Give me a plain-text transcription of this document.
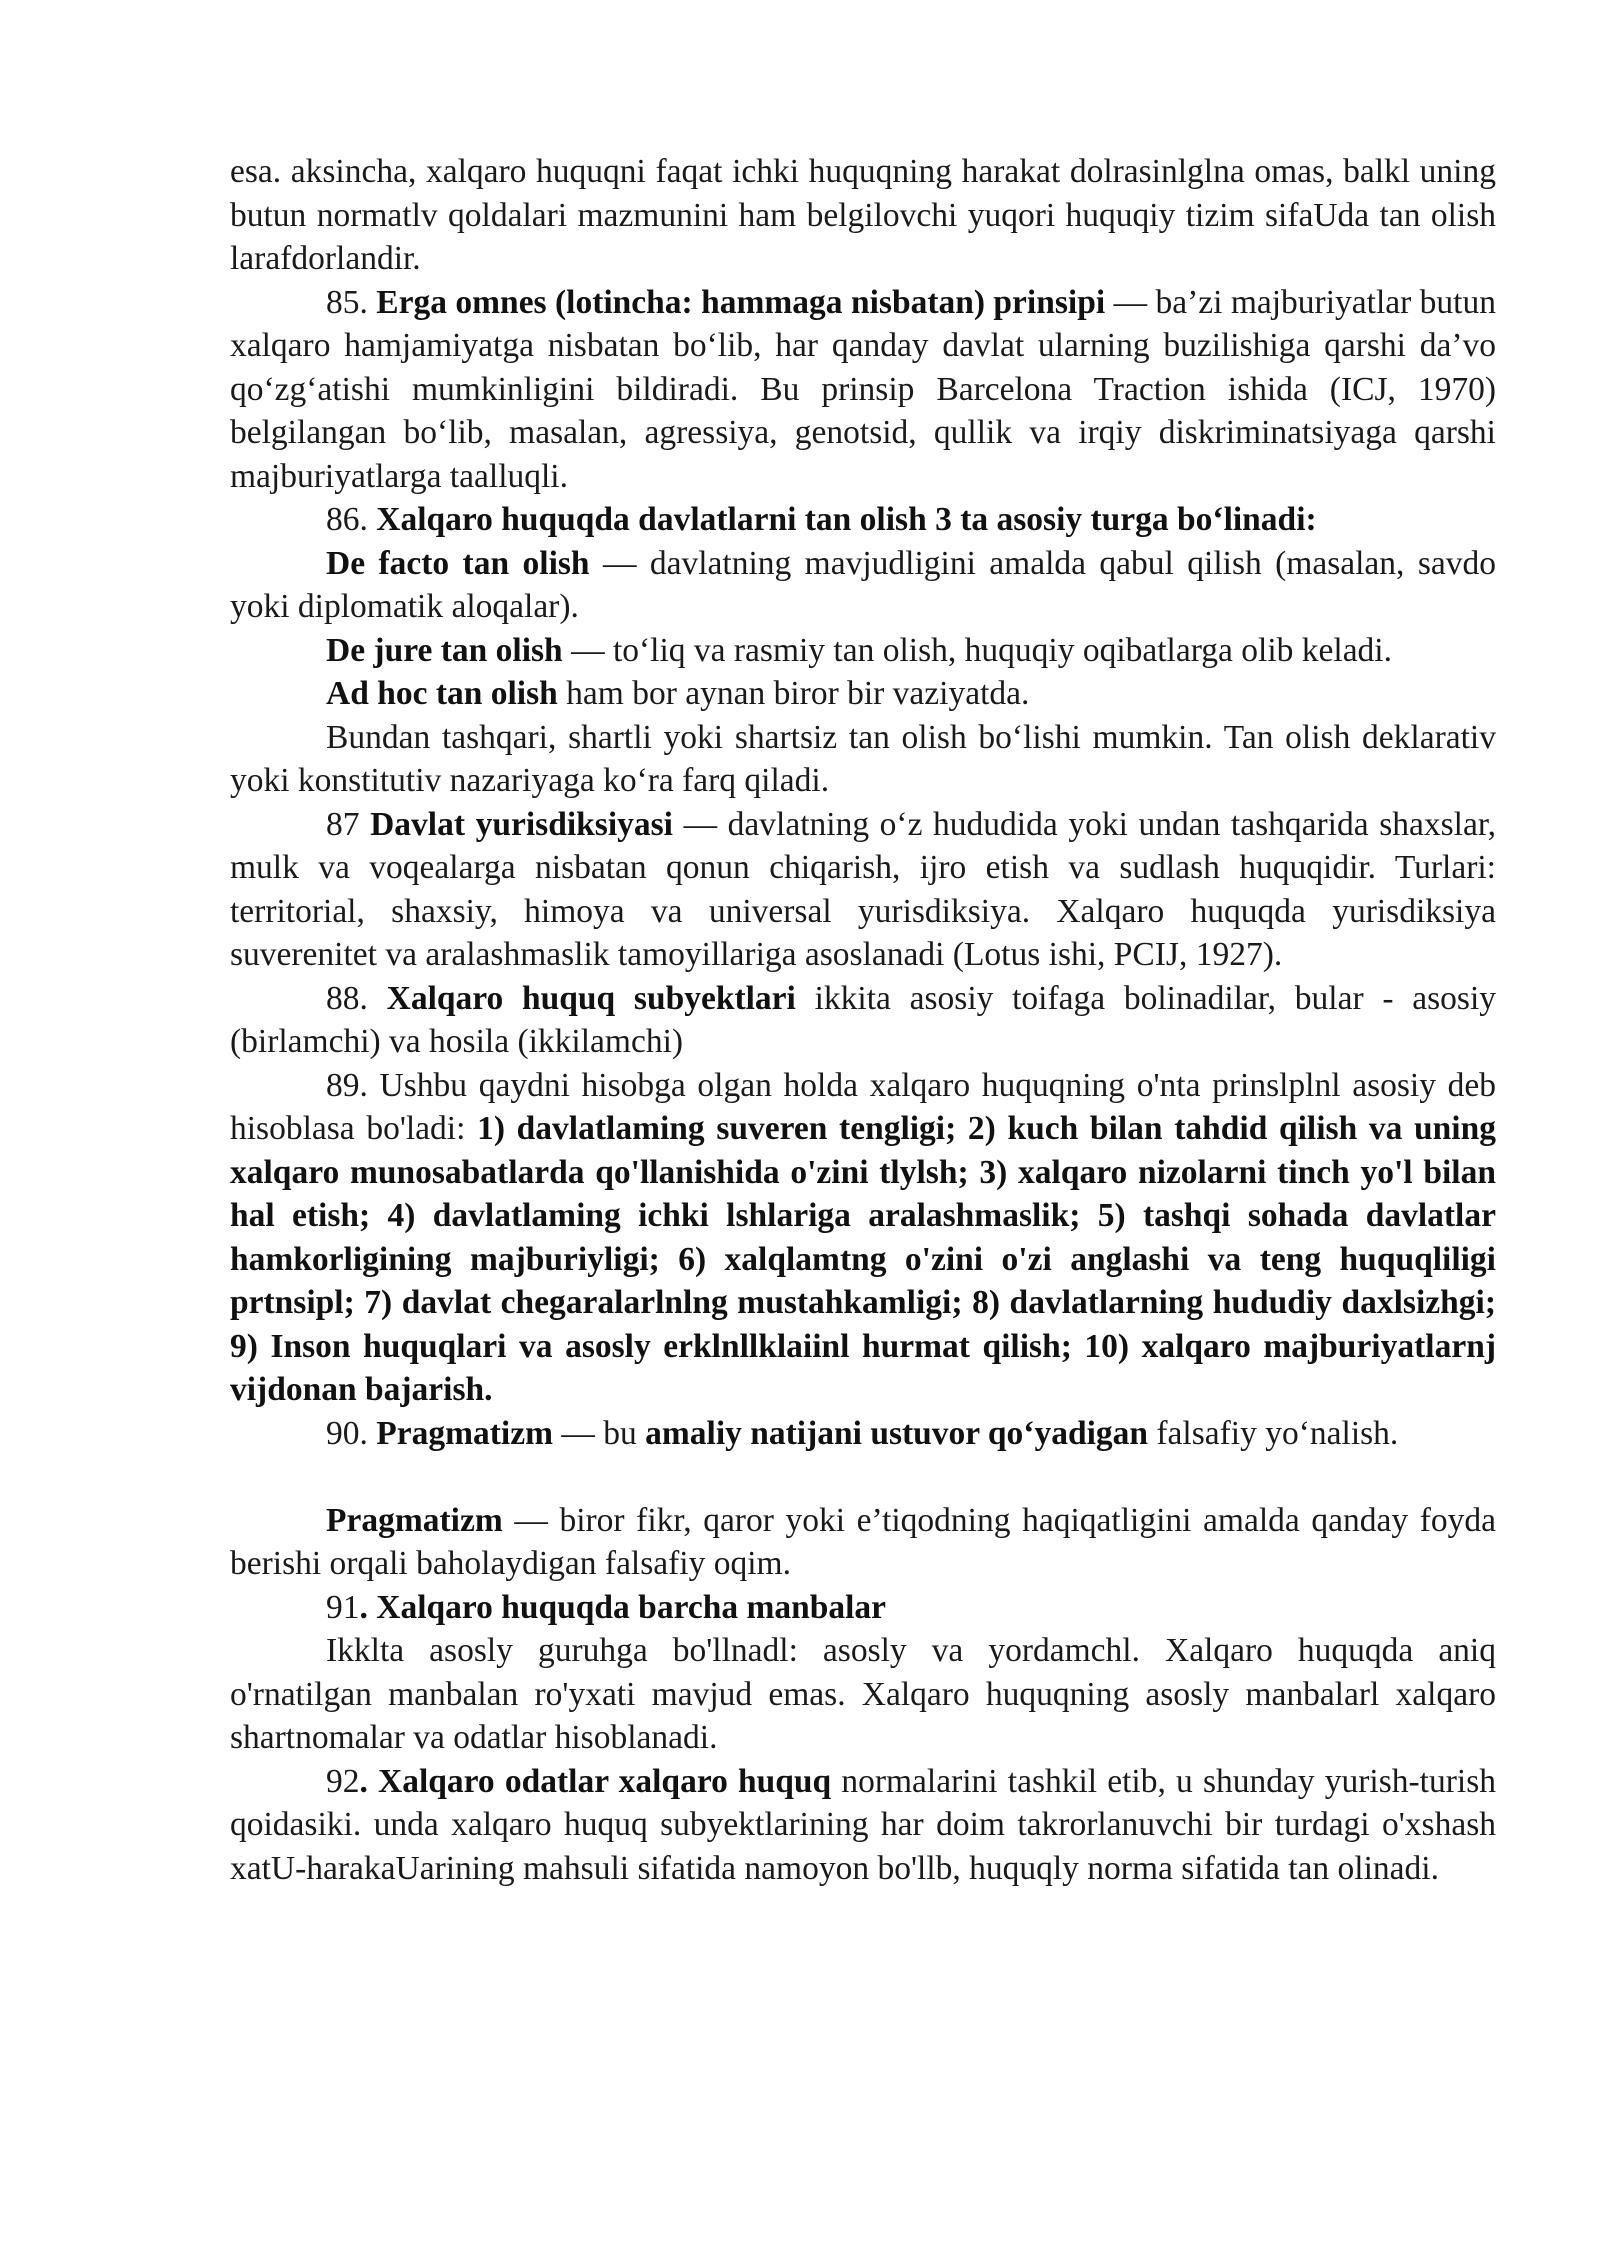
esa. aksincha, xalqaro huquqni faqat ichki huquqning harakat dolrasinlglna omas, balkl uning butun normatlv qoldalari mazmunini ham belgilovchi yuqori huquqiy tizim sifaUda tan olish larafdorlandir.

85. Erga omnes (lotincha: hammaga nisbatan) prinsipi — ba’zi majburiyatlar butun xalqaro hamjamiyatga nisbatan bo‘lib, har qanday davlat ularning buzilishiga qarshi da’vo qo‘zg‘atishi mumkinligini bildiradi. Bu prinsip Barcelona Traction ishida (ICJ, 1970) belgilangan bo‘lib, masalan, agressiya, genotsid, qullik va irqiy diskriminatsiyaga qarshi majburiyatlarga taalluqli.

86. Xalqaro huquqda davlatlarni tan olish 3 ta asosiy turga bo‘linadi:

De facto tan olish — davlatning mavjudligini amalda qabul qilish (masalan, savdo yoki diplomatik aloqalar).

De jure tan olish — to‘liq va rasmiy tan olish, huquqiy oqibatlarga olib keladi.

Ad hoc tan olish ham bor aynan biror bir vaziyatda.

Bundan tashqari, shartli yoki shartsiz tan olish bo‘lishi mumkin. Tan olish deklarativ yoki konstitutiv nazariyaga ko‘ra farq qiladi.

87 Davlat yurisdiksiyasi — davlatning o‘z hududida yoki undan tashqarida shaxslar, mulk va voqealarga nisbatan qonun chiqarish, ijro etish va sudlash huquqidir. Turlari: territorial, shaxsiy, himoya va universal yurisdiksiya. Xalqaro huquqda yurisdiksiya suverenitet va aralashmaslik tamoyillariga asoslanadi (Lotus ishi, PCIJ, 1927).

88. Xalqaro huquq subyektlari ikkita asosiy toifaga bolinadilar, bular - asosiy (birlamchi) va hosila (ikkilamchi)

89. Ushbu qaydni hisobga olgan holda xalqaro huquqning o'nta prinslplnl asosiy deb hisoblasa bo'ladi: 1) davlatlaming suveren tengligi; 2) kuch bilan tahdid qilish va uning xalqaro munosabatlarda qo'llanishida o'zini tlylsh; 3) xalqaro nizolarni tinch yo'l bilan hal etish; 4) davlatlaming ichki lshlariga aralashmaslik; 5) tashqi sohada davlatlar hamkorligining majburiyligi; 6) xalqlamtng o'zini o'zi anglashi va teng huquqliligi prtnsipl; 7) davlat chegaralarlnlng mustahkamligi; 8) davlatlarning hududiy daxlsizhgi; 9) Inson huquqlari va asosly erklnllklaiinl hurmat qilish; 10) xalqaro majburiyatlarnj vijdonan bajarish.

90. Pragmatizm — bu amaliy natijani ustuvor qo‘yadigan falsafiy yo‘nalish.

Pragmatizm — biror fikr, qaror yoki e’tiqodning haqiqatligini amalda qanday foyda berishi orqali baholaydigan falsafiy oqim.

91. Xalqaro huquqda barcha manbalar

Ikklta asosly guruhga bo'llnadl: asosly va yordamchl. Xalqaro huquqda aniq o'rnatilgan manbalan ro'yxati mavjud emas. Xalqaro huquqning asosly manbalarl xalqaro shartnomalar va odatlar hisoblanadi.

92. Xalqaro odatlar xalqaro huquq normalarini tashkil etib, u shunday yurish-turish qoidasiki. unda xalqaro huquq subyektlarining har doim takrorlanuvchi bir turdagi o'xshash xatU-harakaUarining mahsuli sifatida namoyon bo'llb, huquqly norma sifatida tan olinadi.
